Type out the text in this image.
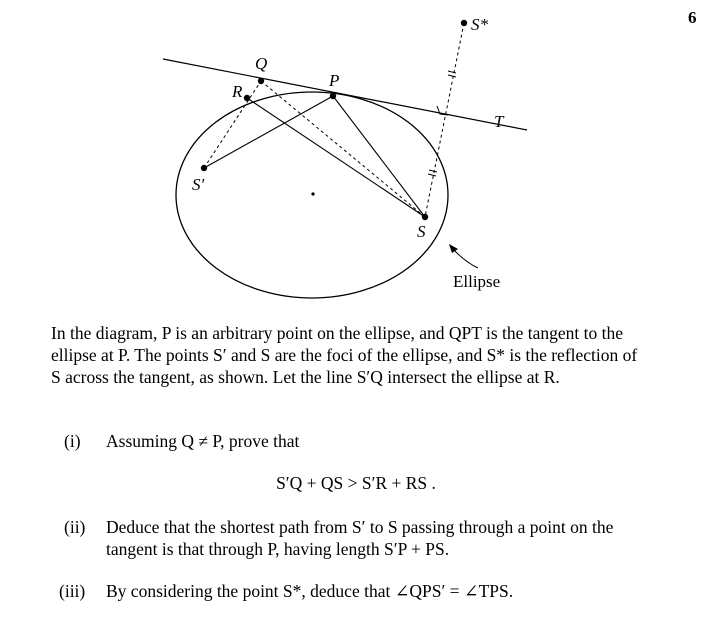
6
S*
Q
P
R
T
S′
S
Ellipse

In the diagram, P is an arbitrary point on the ellipse, and QPT is the tangent to the ellipse at P. The points S′ and S are the foci of the ellipse, and S* is the reflection of S across the tangent, as shown. Let the line S′Q intersect the ellipse at R.

(i) Assuming Q ≠ P, prove that
S′Q + QS > S′R + RS .
(ii) Deduce that the shortest path from S′ to S passing through a point on the tangent is that through P, having length S′P + PS.
(iii) By considering the point S*, deduce that ∠QPS′ = ∠TPS.
